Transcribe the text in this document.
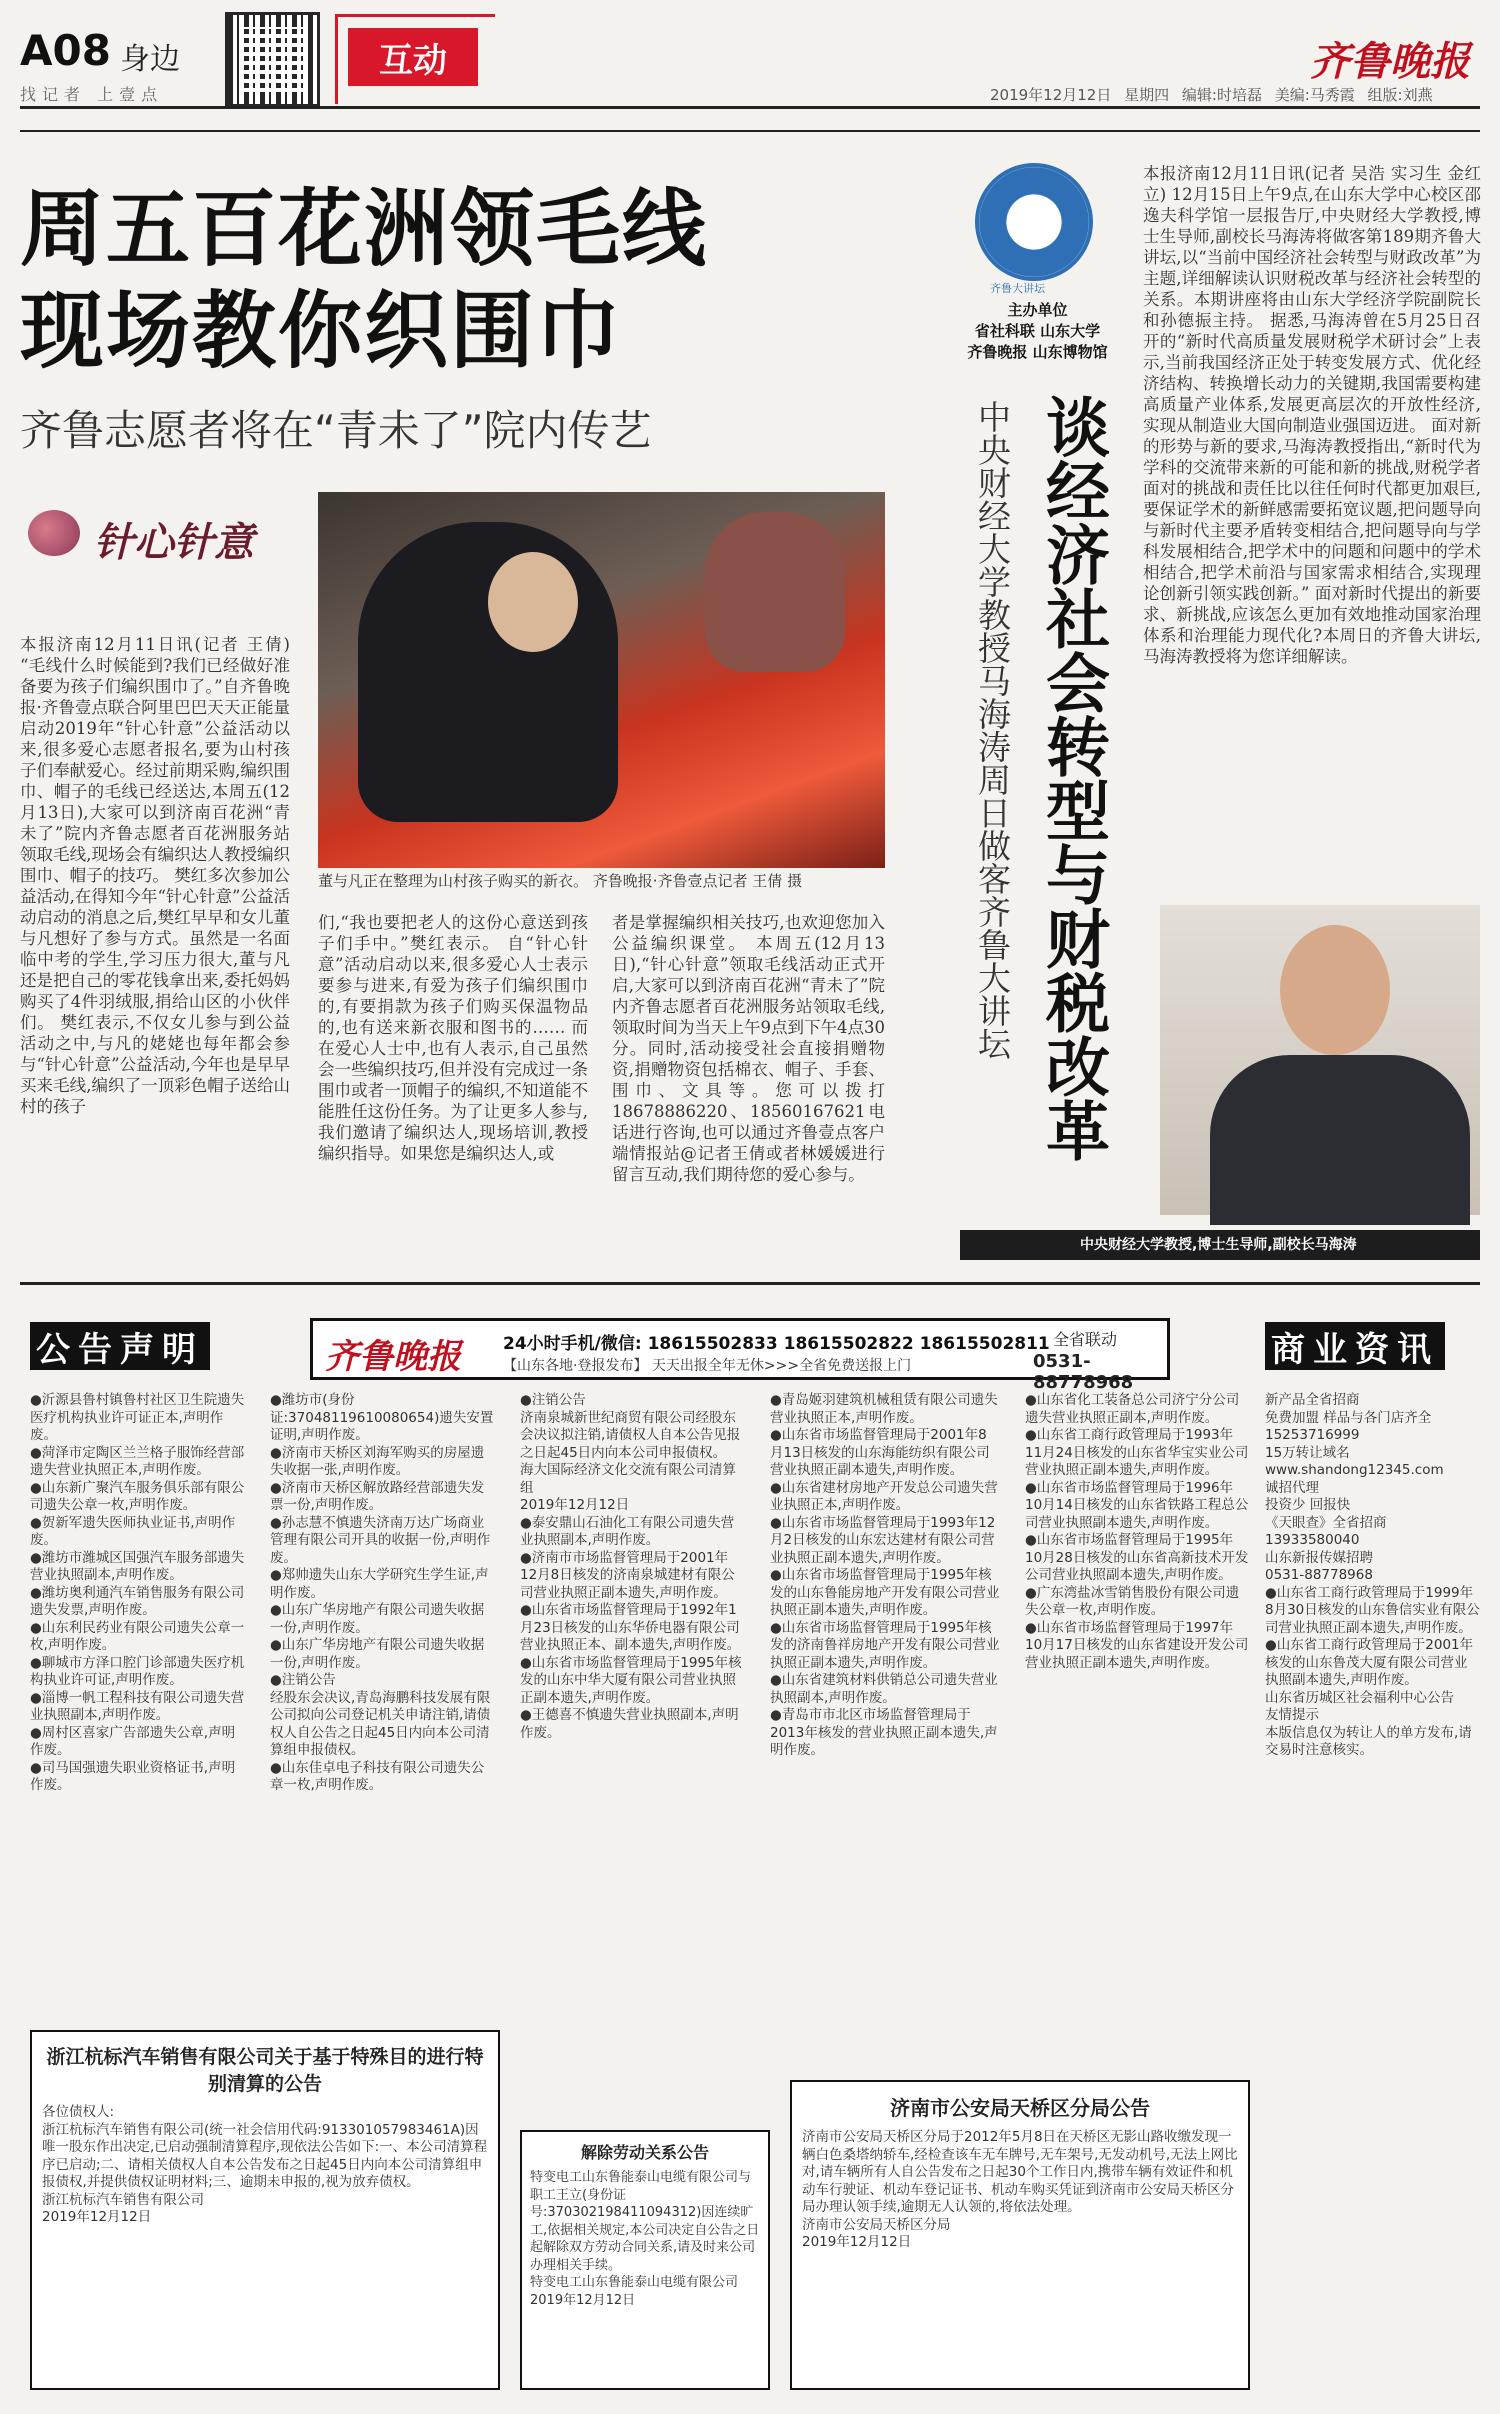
A08 身边	互动
找记者 上壹点
齐鲁晚报
2019年12月12日 星期四 编辑:时培磊 美编:马秀霞 组版:刘燕
周五百花洲领毛线
现场教你织围巾
齐鲁志愿者将在“青未了”院内传艺
针心针意
本报济南12月11日讯(记者 王倩) “毛线什么时候能到?我们已经做好准备要为孩子们编织围巾了。”自齐鲁晚报·齐鲁壹点联合阿里巴巴天天正能量启动2019年“针心针意”公益活动以来,很多爱心志愿者报名,要为山村孩子们奉献爱心。经过前期采购,编织围巾、帽子的毛线已经送达,本周五(12月13日),大家可以到济南百花洲“青未了”院内齐鲁志愿者百花洲服务站领取毛线,现场会有编织达人教授编织围巾、帽子的技巧。 樊红多次参加公益活动,在得知今年“针心针意”公益活动启动的消息之后,樊红早早和女儿董与凡想好了参与方式。虽然是一名面临中考的学生,学习压力很大,董与凡还是把自己的零花钱拿出来,委托妈妈购买了4件羽绒服,捐给山区的小伙伴们。 樊红表示,不仅女儿参与到公益活动之中,与凡的姥姥也每年都会参与“针心针意”公益活动,今年也是早早买来毛线,编织了一顶彩色帽子送给山村的孩子
董与凡正在整理为山村孩子购买的新衣。 齐鲁晚报·齐鲁壹点记者 王倩 摄
们,“我也要把老人的这份心意送到孩子们手中。”樊红表示。 自“针心针意”活动启动以来,很多爱心人士表示要参与进来,有爱为孩子们编织围巾的,有要捐款为孩子们购买保温物品的,也有送来新衣服和图书的…… 而在爱心人士中,也有人表示,自己虽然会一些编织技巧,但并没有完成过一条围巾或者一顶帽子的编织,不知道能不能胜任这份任务。为了让更多人参与,我们邀请了编织达人,现场培训,教授编织指导。如果您是编织达人,或
者是掌握编织相关技巧,也欢迎您加入公益编织课堂。 本周五(12月13日),“针心针意”领取毛线活动正式开启,大家可以到济南百花洲“青未了”院内齐鲁志愿者百花洲服务站领取毛线,领取时间为当天上午9点到下午4点30分。同时,活动接受社会直接捐赠物资,捐赠物资包括棉衣、帽子、手套、围巾、文具等。您可以拨打18678886220、18560167621电话进行咨询,也可以通过齐鲁壹点客户端情报站@记者王倩或者林媛媛进行留言互动,我们期待您的爱心参与。
主办单位
省社科联 山东大学
齐鲁晚报 山东博物馆
齐鲁大讲坛
谈经济社会转型与财税改革
中央财经大学教授马海涛周日做客齐鲁大讲坛
本报济南12月11日讯(记者 吴浩 实习生 金红立) 12月15日上午9点,在山东大学中心校区邵逸夫科学馆一层报告厅,中央财经大学教授,博士生导师,副校长马海涛将做客第189期齐鲁大讲坛,以“当前中国经济社会转型与财政改革”为主题,详细解读认识财税改革与经济社会转型的关系。本期讲座将由山东大学经济学院副院长和孙德振主持。 据悉,马海涛曾在5月25日召开的“新时代高质量发展财税学术研讨会”上表示,当前我国经济正处于转变发展方式、优化经济结构、转换增长动力的关键期,我国需要构建高质量产业体系,发展更高层次的开放性经济,实现从制造业大国向制造业强国迈进。 面对新的形势与新的要求,马海涛教授指出,“新时代为学科的交流带来新的可能和新的挑战,财税学者面对的挑战和责任比以往任何时代都更加艰巨,要保证学术的新鲜感需要拓宽议题,把问题导向与新时代主要矛盾转变相结合,把问题导向与学科发展相结合,把学术中的问题和问题中的学术相结合,把学术前沿与国家需求相结合,实现理论创新引领实践创新。” 面对新时代提出的新要求、新挑战,应该怎么更加有效地推动国家治理体系和治理能力现代化?本周日的齐鲁大讲坛,马海涛教授将为您详细解读。
中央财经大学教授,博士生导师,副校长马海涛
公告声明	商业资讯
齐鲁晚报 24小时手机/微信: 18615502833 18615502822 18615502811
【山东各地·登报发布】 天天出报全年无休>>>全省免费送报上门
全省联动
0531-88778968
●沂源县鲁村镇鲁村社区卫生院遗失医疗机构执业许可证正本,声明作废。
●菏泽市定陶区兰兰格子服饰经营部遗失营业执照正本,声明作废。
●山东新广聚汽车服务俱乐部有限公司遗失公章一枚,声明作废。
●贺新军遗失医师执业证书,声明作废。
●潍坊市潍城区国强汽车服务部遗失营业执照副本,声明作废。
●潍坊奥利通汽车销售服务有限公司遗失发票,声明作废。
●山东利民药业有限公司遗失公章一枚,声明作废。
●聊城市方泽口腔门诊部遗失医疗机构执业许可证,声明作废。
●淄博一帆工程科技有限公司遗失营业执照副本,声明作废。
●周村区喜家广告部遗失公章,声明作废。
●司马国强遗失职业资格证书,声明作废。
●潍坊市(身份证:37048119610080654)遗失安置证明,声明作废。
●济南市天桥区刘海军购买的房屋遗失收据一张,声明作废。
●济南市天桥区解放路经营部遗失发票一份,声明作废。
●孙志慧不慎遗失济南万达广场商业管理有限公司开具的收据一份,声明作废。
●郑帅遗失山东大学研究生学生证,声明作废。
●山东广华房地产有限公司遗失收据一份,声明作废。
●山东广华房地产有限公司遗失收据一份,声明作废。
●注销公告
经股东会决议,青岛海鹏科技发展有限公司拟向公司登记机关申请注销,请债权人自公告之日起45日内向本公司清算组申报债权。
●山东佳卓电子科技有限公司遗失公章一枚,声明作废。
●注销公告
济南泉城新世纪商贸有限公司经股东会决议拟注销,请债权人自本公告见报之日起45日内向本公司申报债权。
海大国际经济文化交流有限公司清算组
2019年12月12日
●泰安鼎山石油化工有限公司遗失营业执照副本,声明作废。
●济南市市场监督管理局于2001年12月8日核发的济南泉城建材有限公司营业执照正副本遗失,声明作废。
●山东省市场监督管理局于1992年1月23日核发的山东华侨电器有限公司营业执照正本、副本遗失,声明作废。
●山东省市场监督管理局于1995年核发的山东中华大厦有限公司营业执照正副本遗失,声明作废。
●王德喜不慎遗失营业执照副本,声明作废。
●青岛姬羽建筑机械租赁有限公司遗失营业执照正本,声明作废。
●山东省市场监督管理局于2001年8月13日核发的山东海能纺织有限公司营业执照正副本遗失,声明作废。
●山东省建材房地产开发总公司遗失营业执照正本,声明作废。
●山东省市场监督管理局于1993年12月2日核发的山东宏达建材有限公司营业执照正副本遗失,声明作废。
●山东省市场监督管理局于1995年核发的山东鲁能房地产开发有限公司营业执照正副本遗失,声明作废。
●山东省市场监督管理局于1995年核发的济南鲁祥房地产开发有限公司营业执照正副本遗失,声明作废。
●山东省建筑材料供销总公司遗失营业执照副本,声明作废。
●青岛市市北区市场监督管理局于2013年核发的营业执照正副本遗失,声明作废。
●山东省化工装备总公司济宁分公司遗失营业执照正副本,声明作废。
●山东省工商行政管理局于1993年11月24日核发的山东省华宝实业公司营业执照正副本遗失,声明作废。
●山东省市场监督管理局于1996年10月14日核发的山东省铁路工程总公司营业执照副本遗失,声明作废。
●山东省市场监督管理局于1995年10月28日核发的山东省高新技术开发公司营业执照副本遗失,声明作废。
●广东湾盐冰雪销售股份有限公司遗失公章一枚,声明作废。
●山东省市场监督管理局于1997年10月17日核发的山东省建设开发公司营业执照正副本遗失,声明作废。
新产品全省招商
免费加盟 样品与各门店齐全
15253716999
15万转让域名
www.shandong12345.com
诚招代理
投资少 回报快
《天眼查》全省招商
13933580040
山东新报传媒招聘
0531-88778968
●山东省工商行政管理局于1999年8月30日核发的山东鲁信实业有限公司营业执照正副本遗失,声明作废。
●山东省工商行政管理局于2001年核发的山东鲁茂大厦有限公司营业执照副本遗失,声明作废。
山东省历城区社会福利中心公告
友情提示
本版信息仅为转让人的单方发布,请交易时注意核实。
浙江杭标汽车销售有限公司关于基于特殊目的进行特别清算的公告
各位债权人:
浙江杭标汽车销售有限公司(统一社会信用代码:913301057983461A)因唯一股东作出决定,已启动强制清算程序,现依法公告如下:一、本公司清算程序已启动;二、请相关债权人自本公告发布之日起45日内向本公司清算组申报债权,并提供债权证明材料;三、逾期未申报的,视为放弃债权。
浙江杭标汽车销售有限公司
2019年12月12日
解除劳动关系公告
特变电工山东鲁能泰山电缆有限公司与职工王立(身份证号:370302198411094312)因连续旷工,依据相关规定,本公司决定自公告之日起解除双方劳动合同关系,请及时来公司办理相关手续。
特变电工山东鲁能泰山电缆有限公司
2019年12月12日
济南市公安局天桥区分局公告
济南市公安局天桥区分局于2012年5月8日在天桥区无影山路收缴发现一辆白色桑塔纳轿车,经检查该车无车牌号,无车架号,无发动机号,无法上网比对,请车辆所有人自公告发布之日起30个工作日内,携带车辆有效证件和机动车行驶证、机动车登记证书、机动车购买凭证到济南市公安局天桥区分局办理认领手续,逾期无人认领的,将依法处理。
济南市公安局天桥区分局
2019年12月12日
